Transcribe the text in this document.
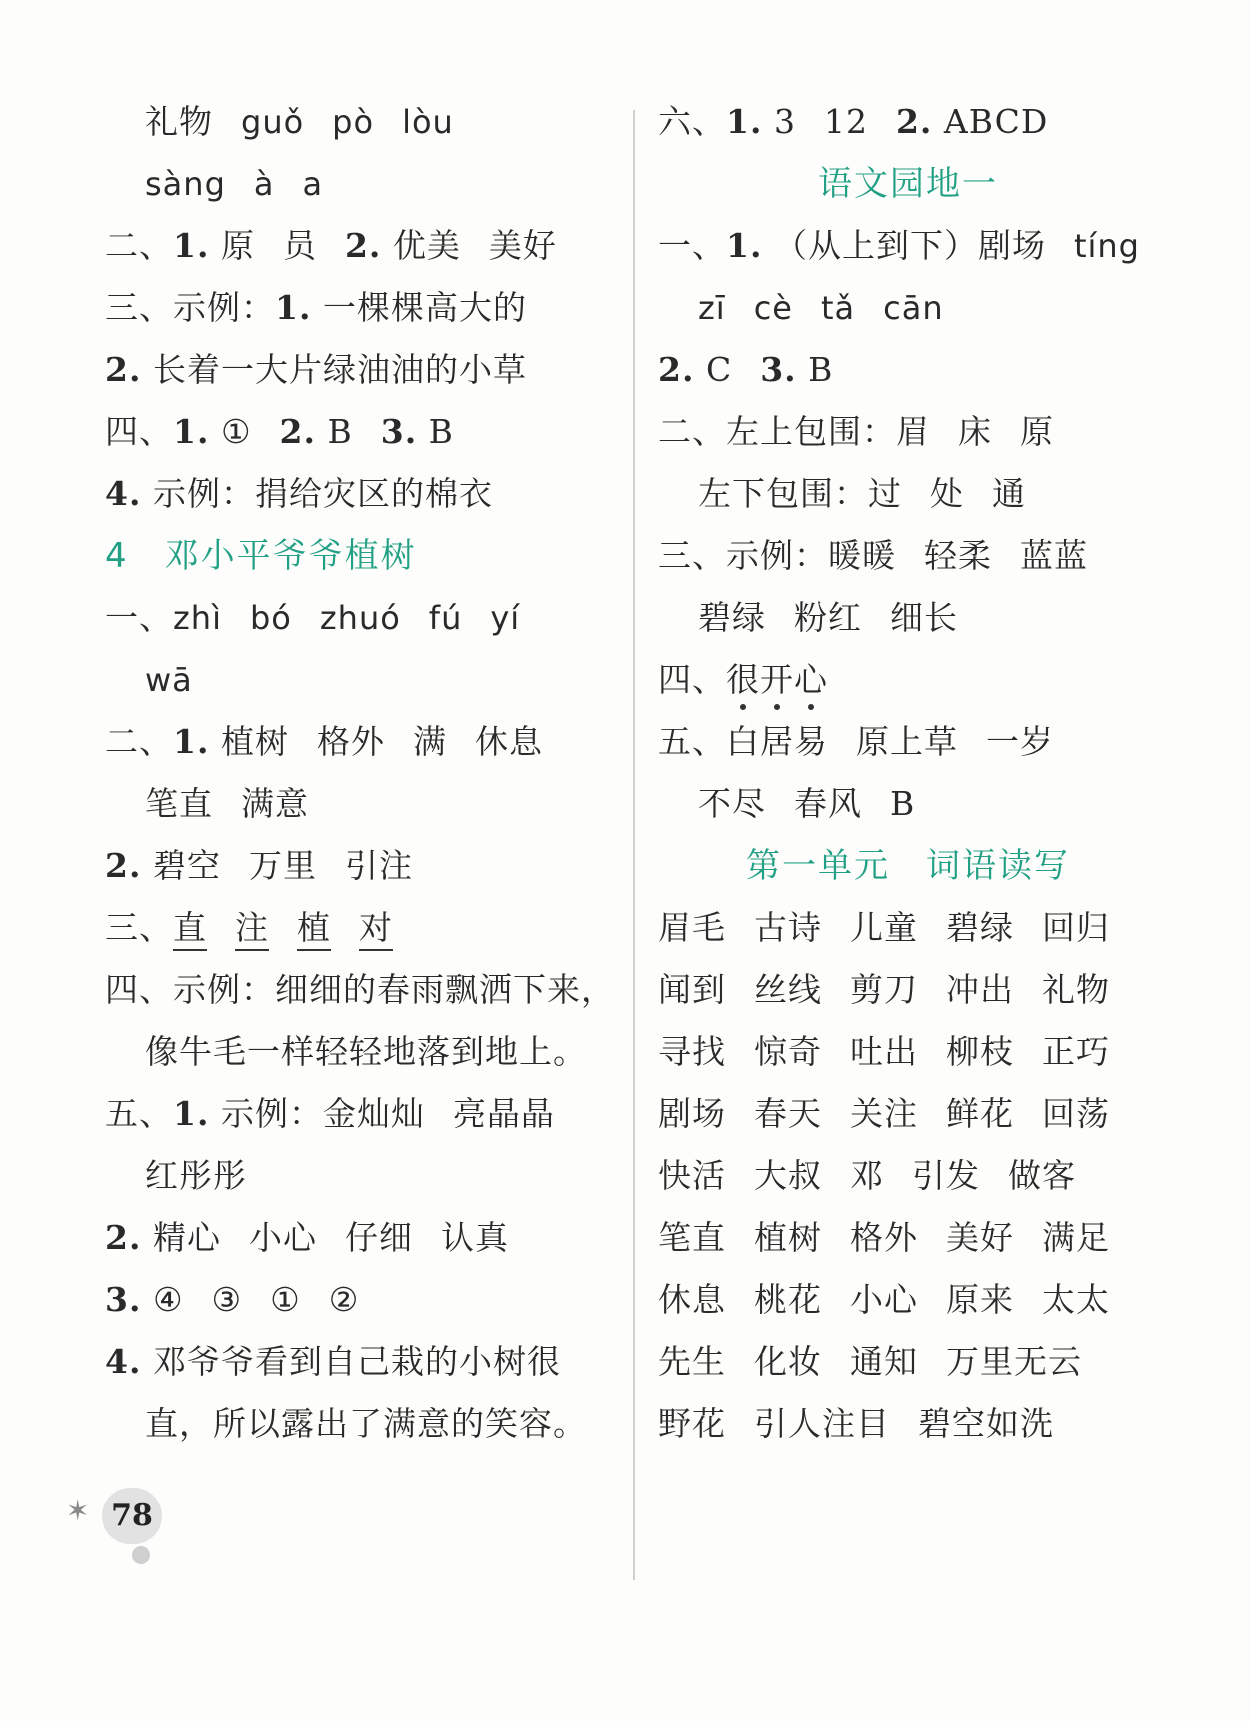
礼物 guǒ pò lòu
sàng à a
二、1. 原 员 2. 优美 美好
三、示例：1. 一棵棵高大的
2. 长着一大片绿油油的小草
四、1. ① 2. B 3. B
4. 示例：捐给灾区的棉衣
4　邓小平爷爷植树
一、zhì bó zhuó fú yí
wā
二、1. 植树 格外 满 休息
笔直 满意
2. 碧空 万里 引注
三、直 注 植 对
四、示例：细细的春雨飘洒下来，
像牛毛一样轻轻地落到地上。
五、1. 示例：金灿灿 亮晶晶
红彤彤
2. 精心 小心 仔细 认真
3. ④ ③ ① ②
4. 邓爷爷看到自己栽的小树很
直，所以露出了满意的笑容。
六、1. 3 12 2. ABCD
语文园地一
一、1. （从上到下）剧场 tíng
zī cè tǎ cān
2. C 3. B
二、左上包围：眉 床 原
左下包围：过 处 通
三、示例：暖暖 轻柔 蓝蓝
碧绿 粉红 细长
四、很开心
五、白居易 原上草 一岁
不尽 春风 B
第一单元　词语读写
眉毛 古诗 儿童 碧绿 回归
闻到 丝线 剪刀 冲出 礼物
寻找 惊奇 吐出 柳枝 正巧
剧场 春天 关注 鲜花 回荡
快活 大叔 邓 引发 做客
笔直 植树 格外 美好 满足
休息 桃花 小心 原来 太太
先生 化妆 通知 万里无云
野花 引人注目 碧空如洗
✶ 78
